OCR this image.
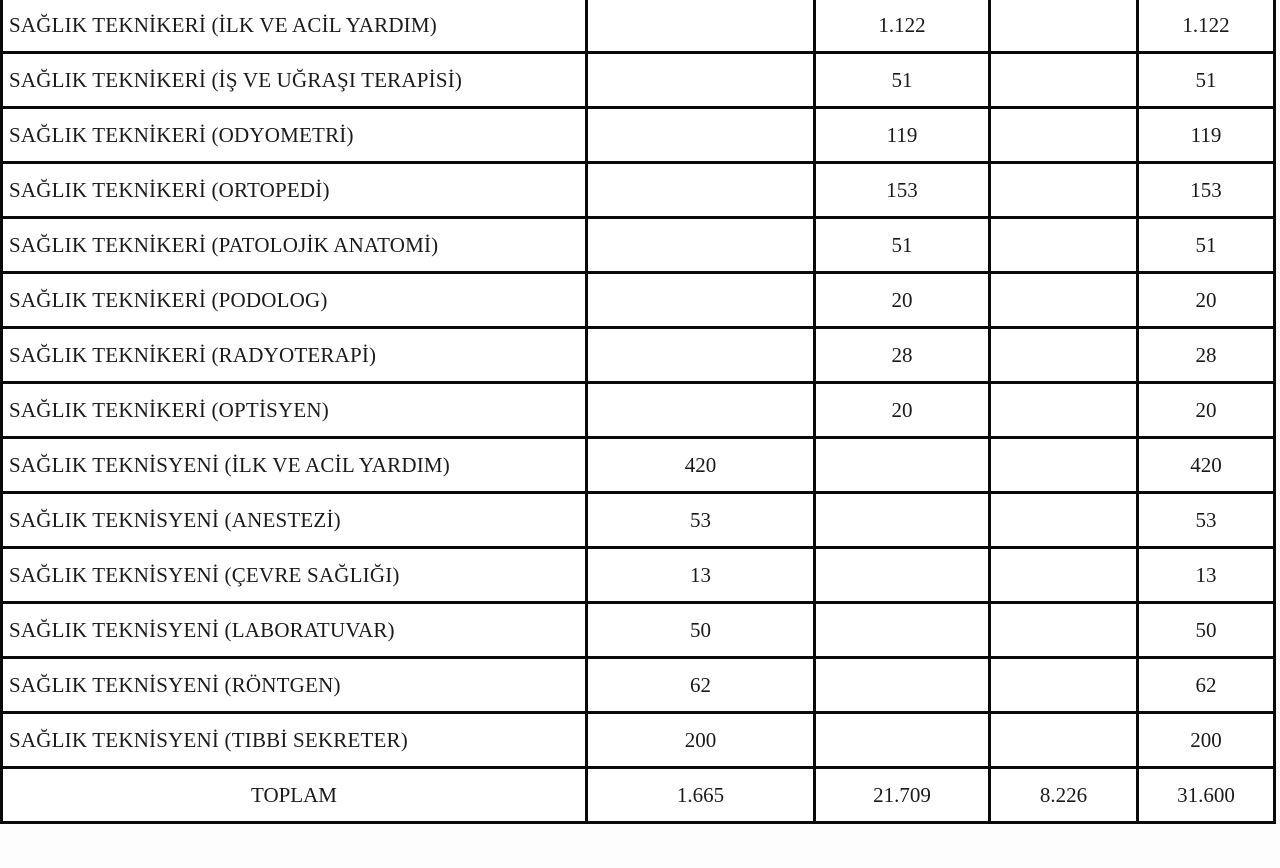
SAĞLIK TEKNİKERİ (İLK VE ACİL YARDIM)		1.122		1.122
SAĞLIK TEKNİKERİ (İŞ VE UĞRAŞI TERAPİSİ)		51		51
SAĞLIK TEKNİKERİ (ODYOMETRİ)		119		119
SAĞLIK TEKNİKERİ (ORTOPEDİ)		153		153
SAĞLIK TEKNİKERİ (PATOLOJİK ANATOMİ)		51		51
SAĞLIK TEKNİKERİ (PODOLOG)		20		20
SAĞLIK TEKNİKERİ (RADYOTERAPİ)		28		28
SAĞLIK TEKNİKERİ (OPTİSYEN)		20		20
SAĞLIK TEKNİSYENİ (İLK VE ACİL YARDIM)	420			420
SAĞLIK TEKNİSYENİ (ANESTEZİ)	53			53
SAĞLIK TEKNİSYENİ (ÇEVRE SAĞLIĞI)	13			13
SAĞLIK TEKNİSYENİ (LABORATUVAR)	50			50
SAĞLIK TEKNİSYENİ (RÖNTGEN)	62			62
SAĞLIK TEKNİSYENİ (TIBBİ SEKRETER)	200			200
TOPLAM	1.665	21.709	8.226	31.600
